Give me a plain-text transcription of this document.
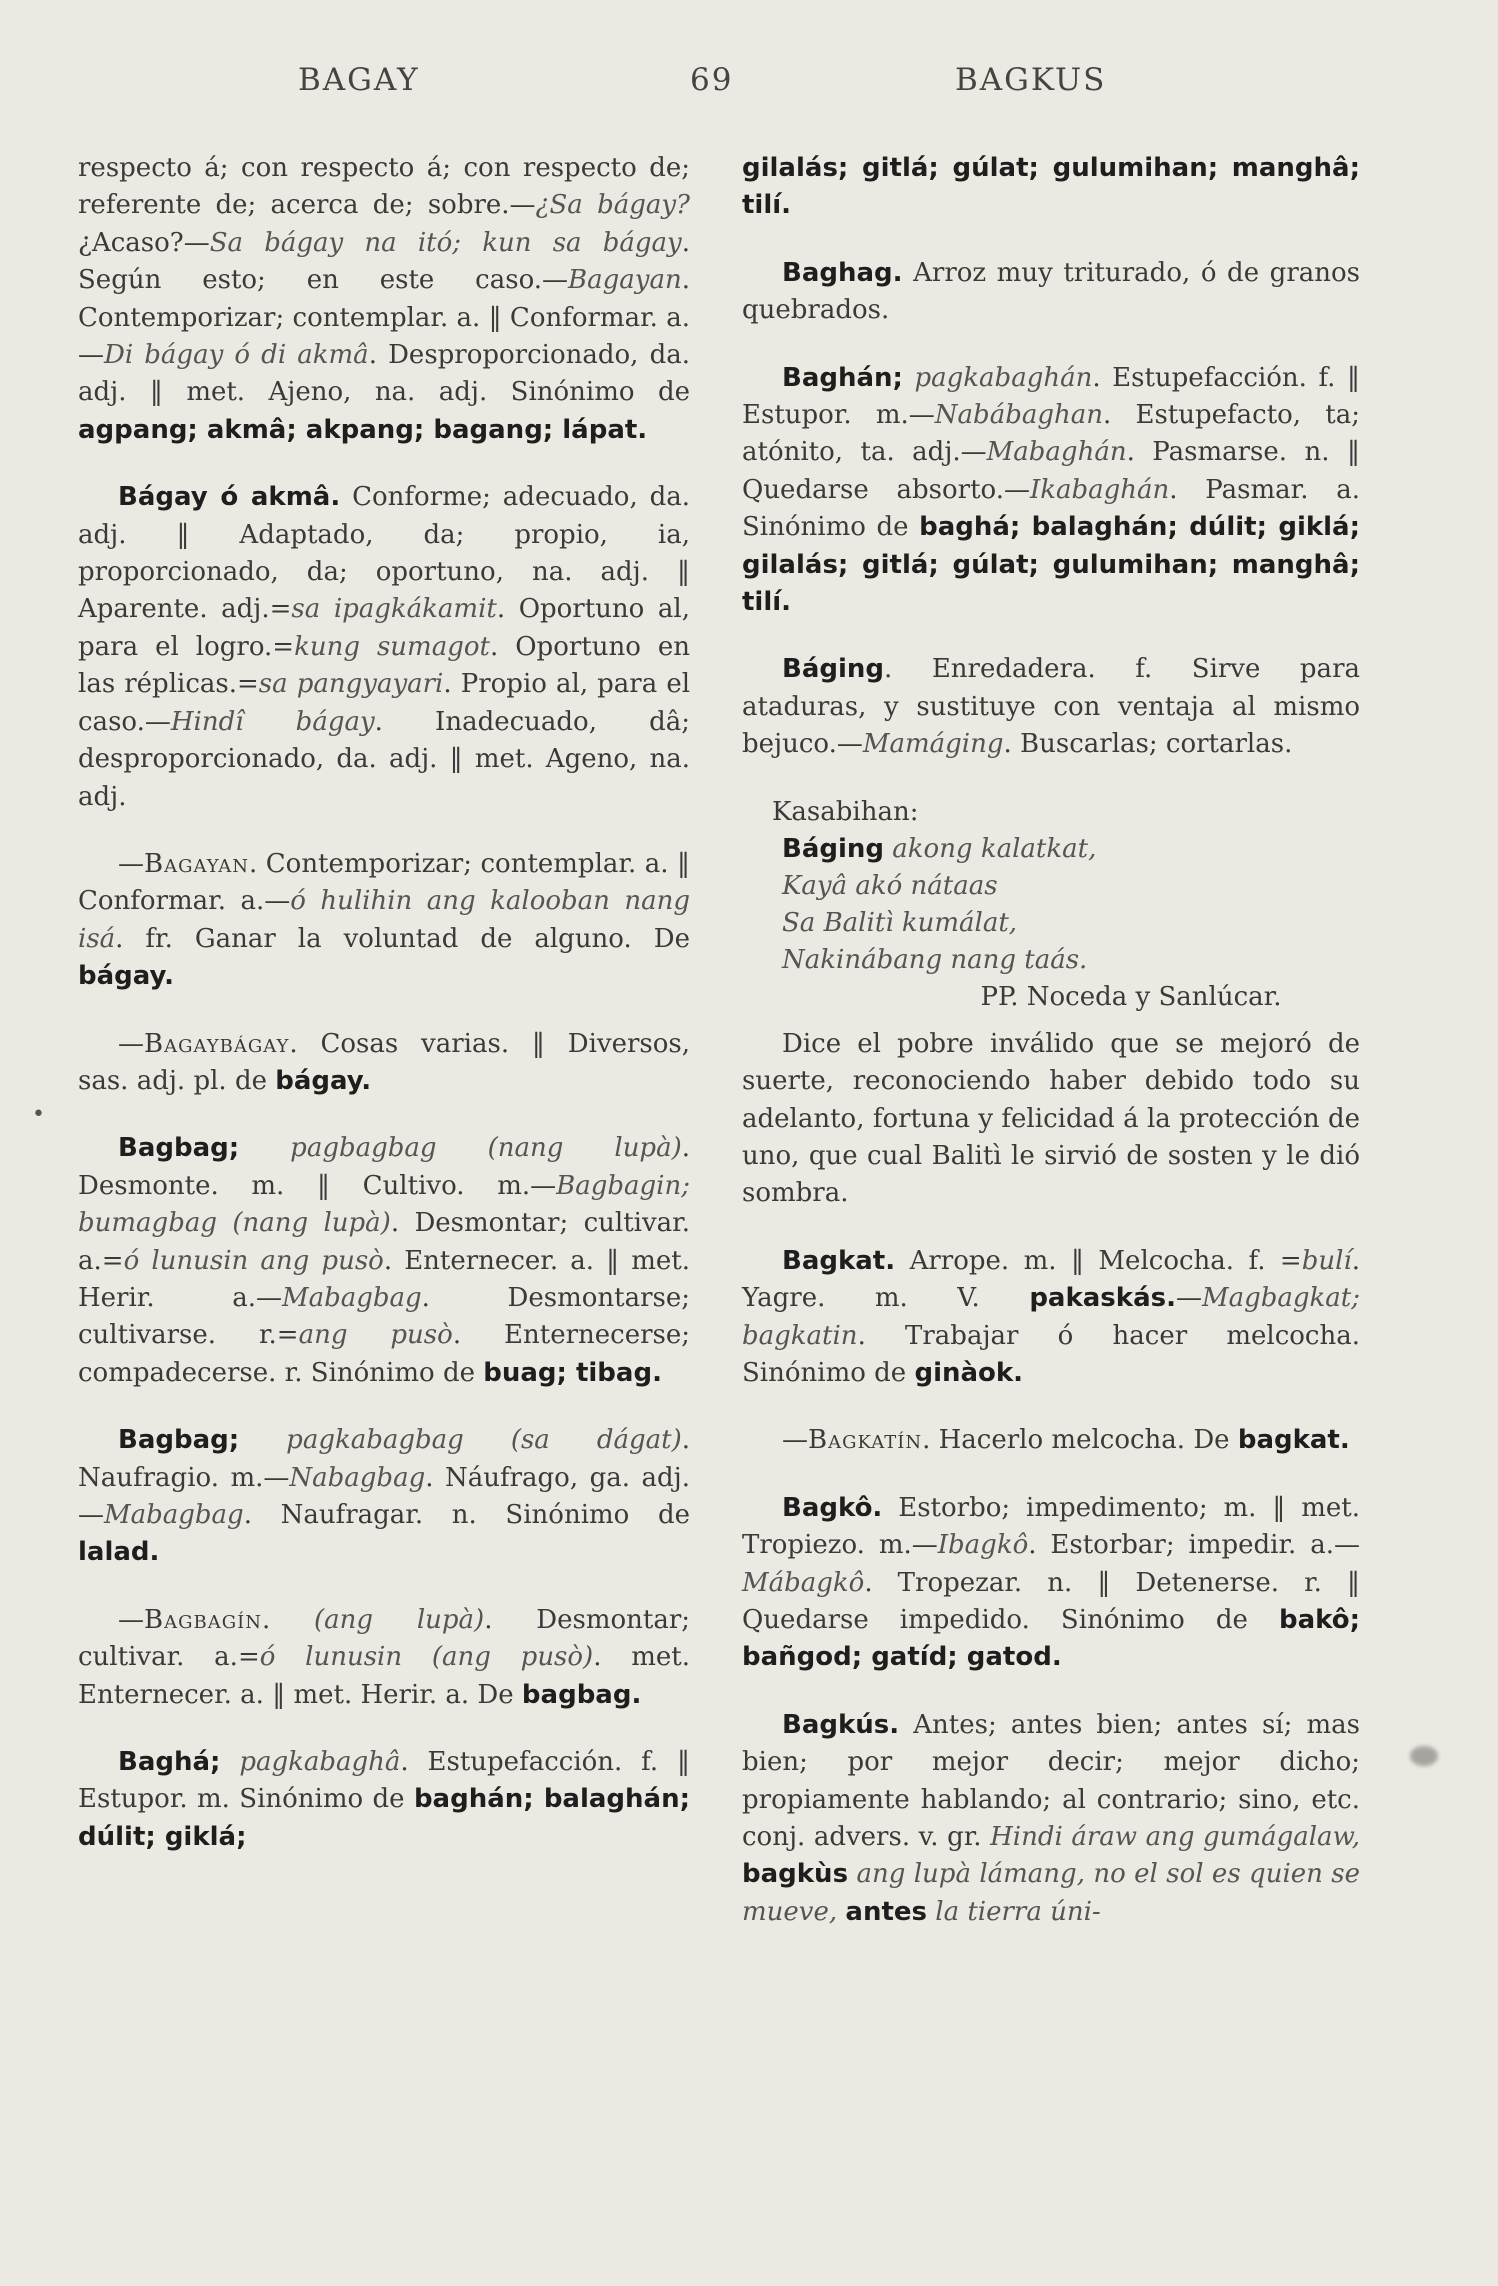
BAGAY	69	BAGKUS

respecto á; con respecto á; con respecto de; referente de; acerca de; sobre.—¿Sa bágay? ¿Acaso?—Sa bágay na itó; kun sa bágay. Según esto; en este caso.—Bagayan. Contemporizar; contemplar. a. ‖ Conformar. a.—Di bágay ó di akmâ. Desproporcionado, da. adj. ‖ met. Ajeno, na. adj. Sinónimo de agpang; akmâ; akpang; bagang; lápat.

Bágay ó akmâ. Conforme; adecuado, da. adj. ‖ Adaptado, da; propio, ia, proporcionado, da; oportuno, na. adj. ‖ Aparente. adj.=sa ipagkákamit. Oportuno al, para el logro.=kung sumagot. Oportuno en las réplicas.=sa pangyayari. Propio al, para el caso.—Hindî bágay. Inadecuado, dâ; desproporcionado, da. adj. ‖ met. Ageno, na. adj.

—Bagayan. Contemporizar; contemplar. a. ‖ Conformar. a.—ó hulihin ang kalooban nang isá. fr. Ganar la voluntad de alguno. De bágay.

—Bagaybágay. Cosas varias. ‖ Diversos, sas. adj. pl. de bágay.

Bagbag; pagbagbag (nang lupà). Desmonte. m. ‖ Cultivo. m.—Bagbagin; bumagbag (nang lupà). Desmontar; cultivar. a.=ó lunusin ang pusò. Enternecer. a. ‖ met. Herir. a.—Mabagbag. Desmontarse; cultivarse. r.=ang pusò. Enternecerse; compadecerse. r. Sinónimo de buag; tibag.

Bagbag; pagkabagbag (sa dágat). Naufragio. m.—Nabagbag. Náufrago, ga. adj.—Mabagbag. Naufragar. n. Sinónimo de lalad.

—Bagbagín. (ang lupà). Desmontar; cultivar. a.=ó lunusin (ang pusò). met. Enternecer. a. ‖ met. Herir. a. De bagbag.

Baghá; pagkabaghâ. Estupefacción. f. ‖ Estupor. m. Sinónimo de baghán; balaghán; dúlit; giklá;

gilalás; gitlá; gúlat; gulumihan; manghâ; tilí.

Baghag. Arroz muy triturado, ó de granos quebrados.

Baghán; pagkabaghán. Estupefacción. f. ‖ Estupor. m.—Nabábaghan. Estupefacto, ta; atónito, ta. adj.—Mabaghán. Pasmarse. n. ‖ Quedarse absorto.—Ikabaghán. Pasmar. a. Sinónimo de baghá; balaghán; dúlit; giklá; gilalás; gitlá; gúlat; gulumihan; manghâ; tilí.

Báging. Enredadera. f. Sirve para ataduras, y sustituye con ventaja al mismo bejuco.—Mamáging. Buscarlas; cortarlas.

Kasabihan:
Báging akong kalatkat,
Kayâ akó nátaas
Sa Balitì kumálat,
Nakinábang nang taás.
PP. Noceda y Sanlúcar.

Dice el pobre inválido que se mejoró de suerte, reconociendo haber debido todo su adelanto, fortuna y felicidad á la protección de uno, que cual Balitì le sirvió de sosten y le dió sombra.

Bagkat. Arrope. m. ‖ Melcocha. f. =bulí. Yagre. m. V. pakaskás.—Magbagkat; bagkatin. Trabajar ó hacer melcocha. Sinónimo de ginàok.

—Bagkatín. Hacerlo melcocha. De bagkat.

Bagkô. Estorbo; impedimento; m. ‖ met. Tropiezo. m.—Ibagkô. Estorbar; impedir. a.—Mábagkô. Tropezar. n. ‖ Detenerse. r. ‖ Quedarse impedido. Sinónimo de bakô; bañgod; gatíd; gatod.

Bagkús. Antes; antes bien; antes sí; mas bien; por mejor decir; mejor dicho; propiamente hablando; al contrario; sino, etc. conj. advers. v. gr. Hindi áraw ang gumágalaw, bagkùs ang lupà lámang, no el sol es quien se mueve, antes la tierra úni-

•
